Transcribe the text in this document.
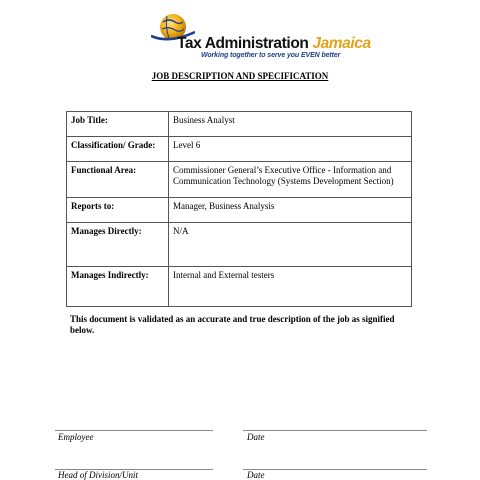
Tax Administration Jamaica
Working together to serve you EVEN better
JOB DESCRIPTION AND SPECIFICATION
Job Title:	Business Analyst
Classification/ Grade:	Level 6
Functional Area:	Commissioner General’s Executive Office - Information and Communication Technology (Systems Development Section)
Reports to:	Manager, Business Analysis
Manages Directly:	N/A
Manages Indirectly:	Internal and External testers
This document is validated as an accurate and true description of the job as signified below.
Employee	Date
Head of Division/Unit	Date
